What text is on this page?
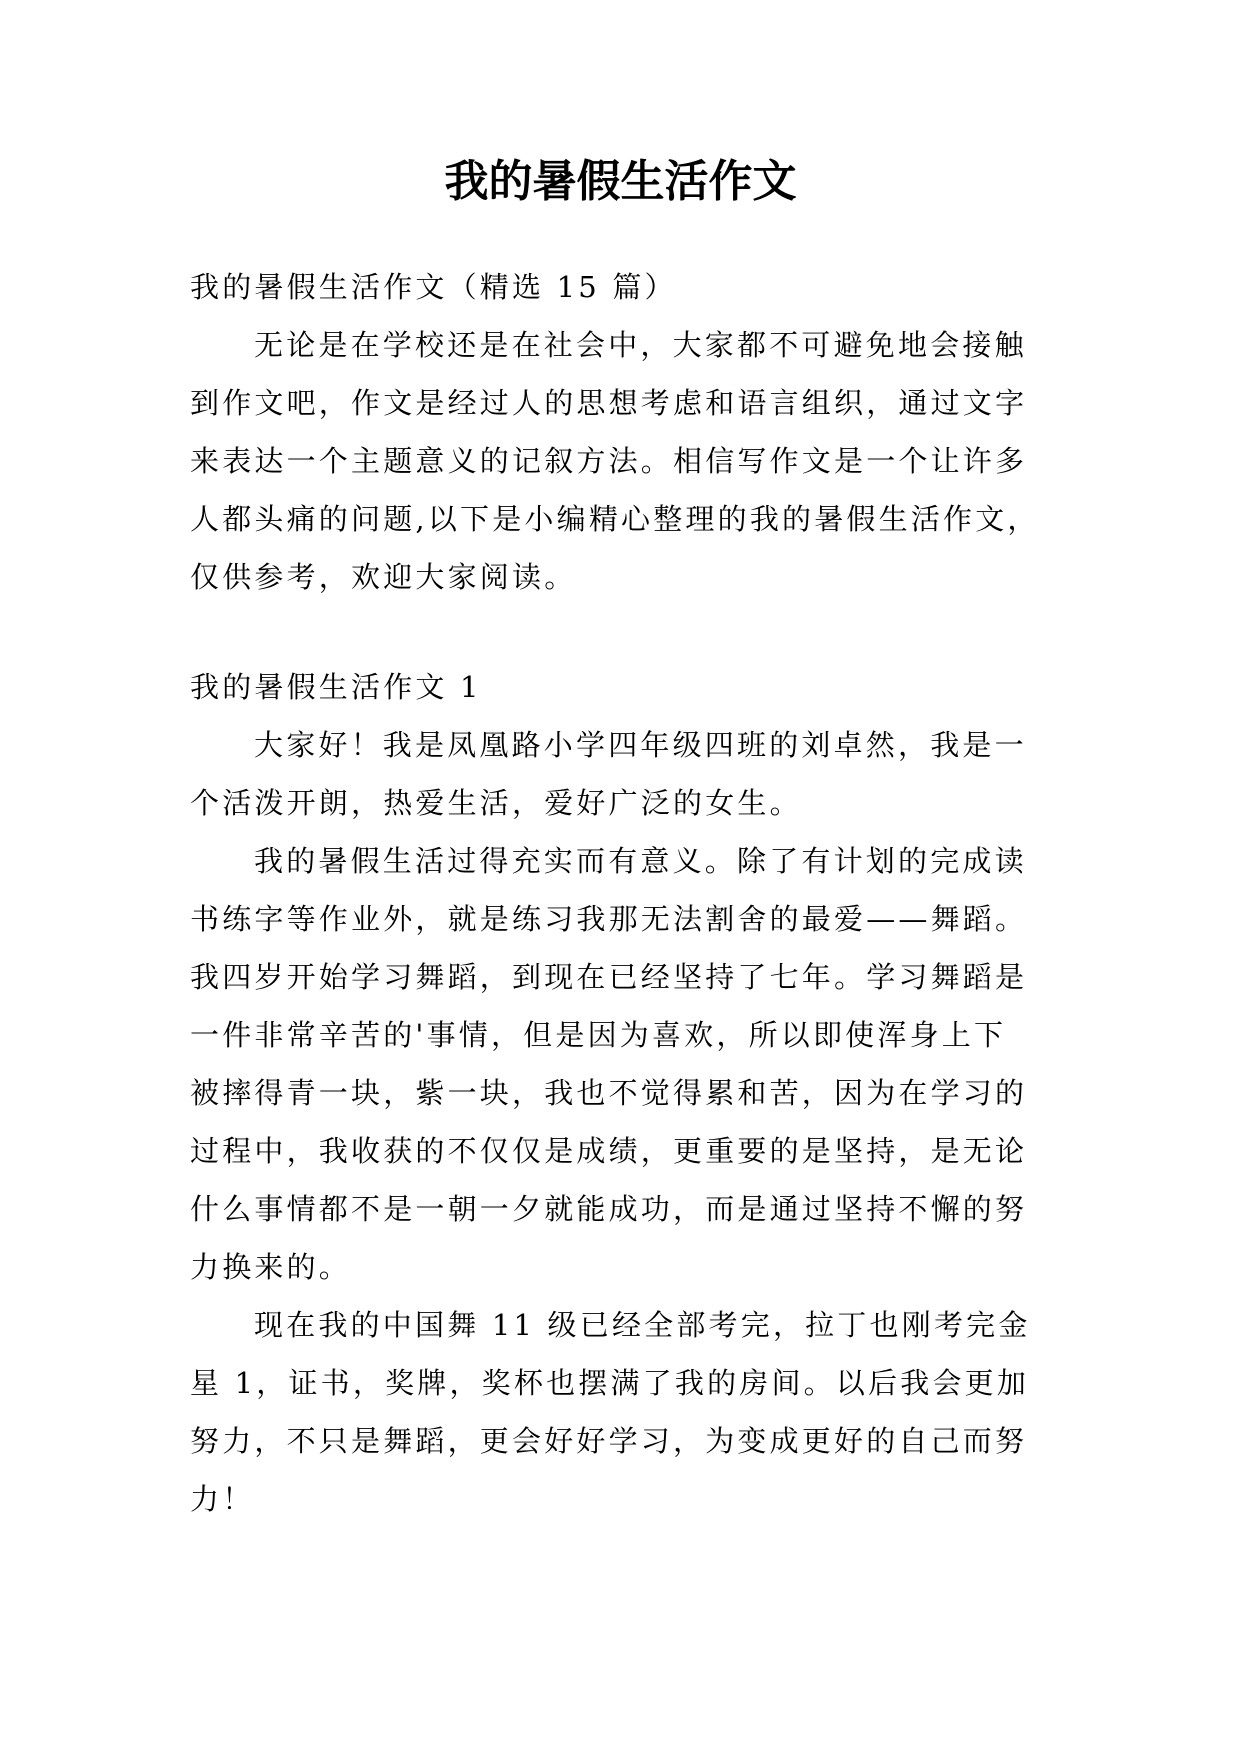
我的暑假生活作文

我的暑假生活作文（精选 15 篇）

无论是在学校还是在社会中，大家都不可避免地会接触
到作文吧，作文是经过人的思想考虑和语言组织，通过文字
来表达一个主题意义的记叙方法。相信写作文是一个让许多
人都头痛的问题,以下是小编精心整理的我的暑假生活作文，
仅供参考，欢迎大家阅读。

我的暑假生活作文 1

大家好！我是凤凰路小学四年级四班的刘卓然，我是一
个活泼开朗，热爱生活，爱好广泛的女生。
我的暑假生活过得充实而有意义。除了有计划的完成读
书练字等作业外，就是练习我那无法割舍的最爱——舞蹈。
我四岁开始学习舞蹈，到现在已经坚持了七年。学习舞蹈是
一件非常辛苦的'事情，但是因为喜欢，所以即使浑身上下
被摔得青一块，紫一块，我也不觉得累和苦，因为在学习的
过程中，我收获的不仅仅是成绩，更重要的是坚持，是无论
什么事情都不是一朝一夕就能成功，而是通过坚持不懈的努
力换来的。
现在我的中国舞 11 级已经全部考完，拉丁也刚考完金
星 1，证书，奖牌，奖杯也摆满了我的房间。以后我会更加
努力，不只是舞蹈，更会好好学习，为变成更好的自己而努
力！
